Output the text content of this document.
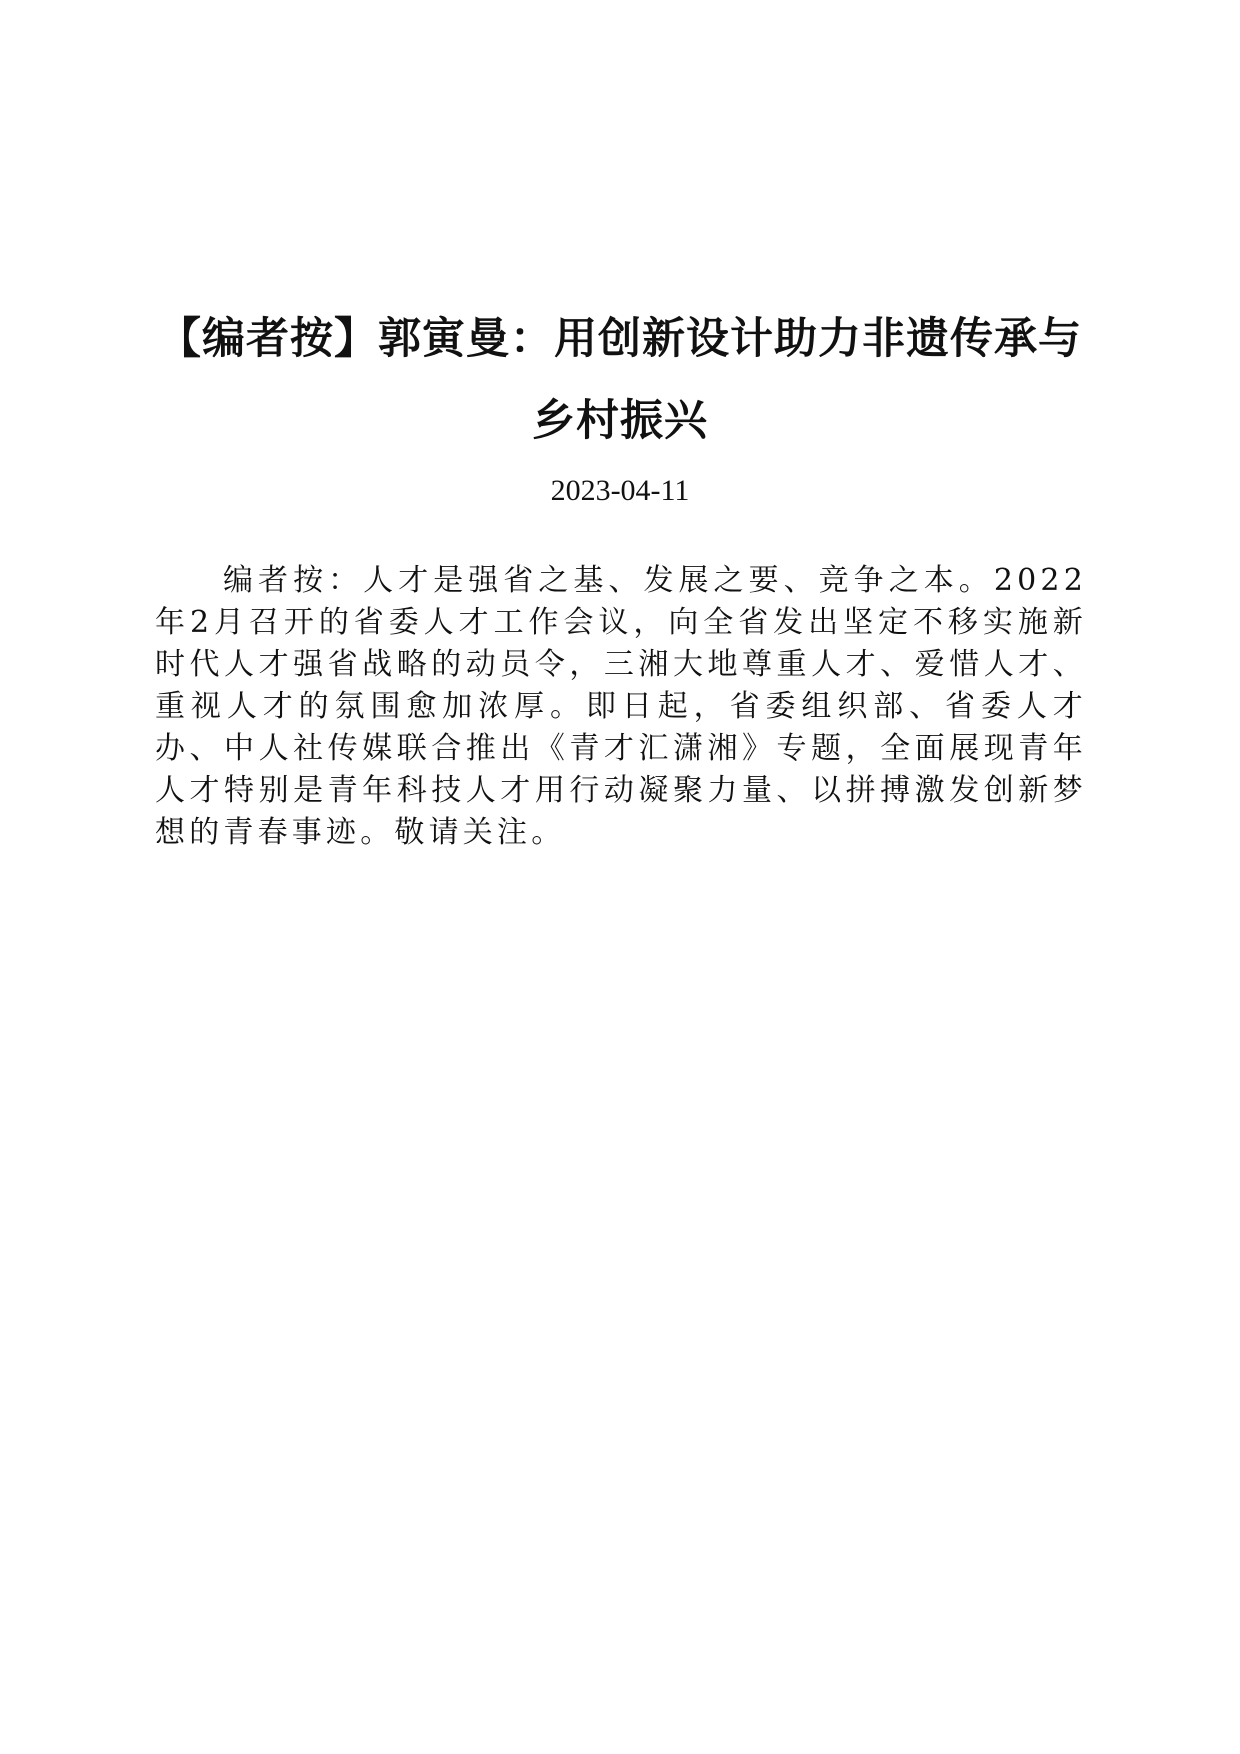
【编者按】郭寅曼：用创新设计助力非遗传承与乡村振兴
2023-04-11

编者按：人才是强省之基、发展之要、竞争之本。2022年2月召开的省委人才工作会议，向全省发出坚定不移实施新时代人才强省战略的动员令，三湘大地尊重人才、爱惜人才、重视人才的氛围愈加浓厚。即日起，省委组织部、省委人才办、中人社传媒联合推出《青才汇潇湘》专题，全面展现青年人才特别是青年科技人才用行动凝聚力量、以拼搏激发创新梦想的青春事迹。敬请关注。
